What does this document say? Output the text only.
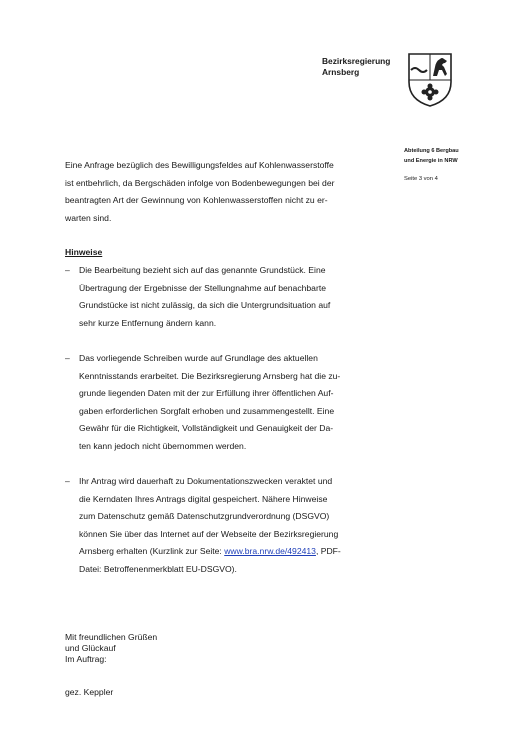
Bezirksregierung
Arnsberg
Abteilung 6 Bergbau
und Energie in NRW
Seite 3 von 4
Eine Anfrage bezüglich des Bewilligungsfeldes auf Kohlenwasserstoffe
ist entbehrlich, da Bergschäden infolge von Bodenbewegungen bei der
beantragten Art der Gewinnung von Kohlenwasserstoffen nicht zu er-
warten sind.
Hinweise
– Die Bearbeitung bezieht sich auf das genannte Grundstück. Eine
Übertragung der Ergebnisse der Stellungnahme auf benachbarte
Grundstücke ist nicht zulässig, da sich die Untergrundsituation auf
sehr kurze Entfernung ändern kann.
– Das vorliegende Schreiben wurde auf Grundlage des aktuellen
Kenntnisstands erarbeitet. Die Bezirksregierung Arnsberg hat die zu-
grunde liegenden Daten mit der zur Erfüllung ihrer öffentlichen Auf-
gaben erforderlichen Sorgfalt erhoben und zusammengestellt. Eine
Gewähr für die Richtigkeit, Vollständigkeit und Genauigkeit der Da-
ten kann jedoch nicht übernommen werden.
– Ihr Antrag wird dauerhaft zu Dokumentationszwecken veraktet und
die Kerndaten Ihres Antrags digital gespeichert. Nähere Hinweise
zum Datenschutz gemäß Datenschutzgrundverordnung (DSGVO)
können Sie über das Internet auf der Webseite der Bezirksregierung
Arnsberg erhalten (Kurzlink zur Seite: www.bra.nrw.de/492413, PDF-
Datei: Betroffenenmerkblatt EU-DSGVO).
Mit freundlichen Grüßen
und Glückauf
Im Auftrag:
gez. Keppler
